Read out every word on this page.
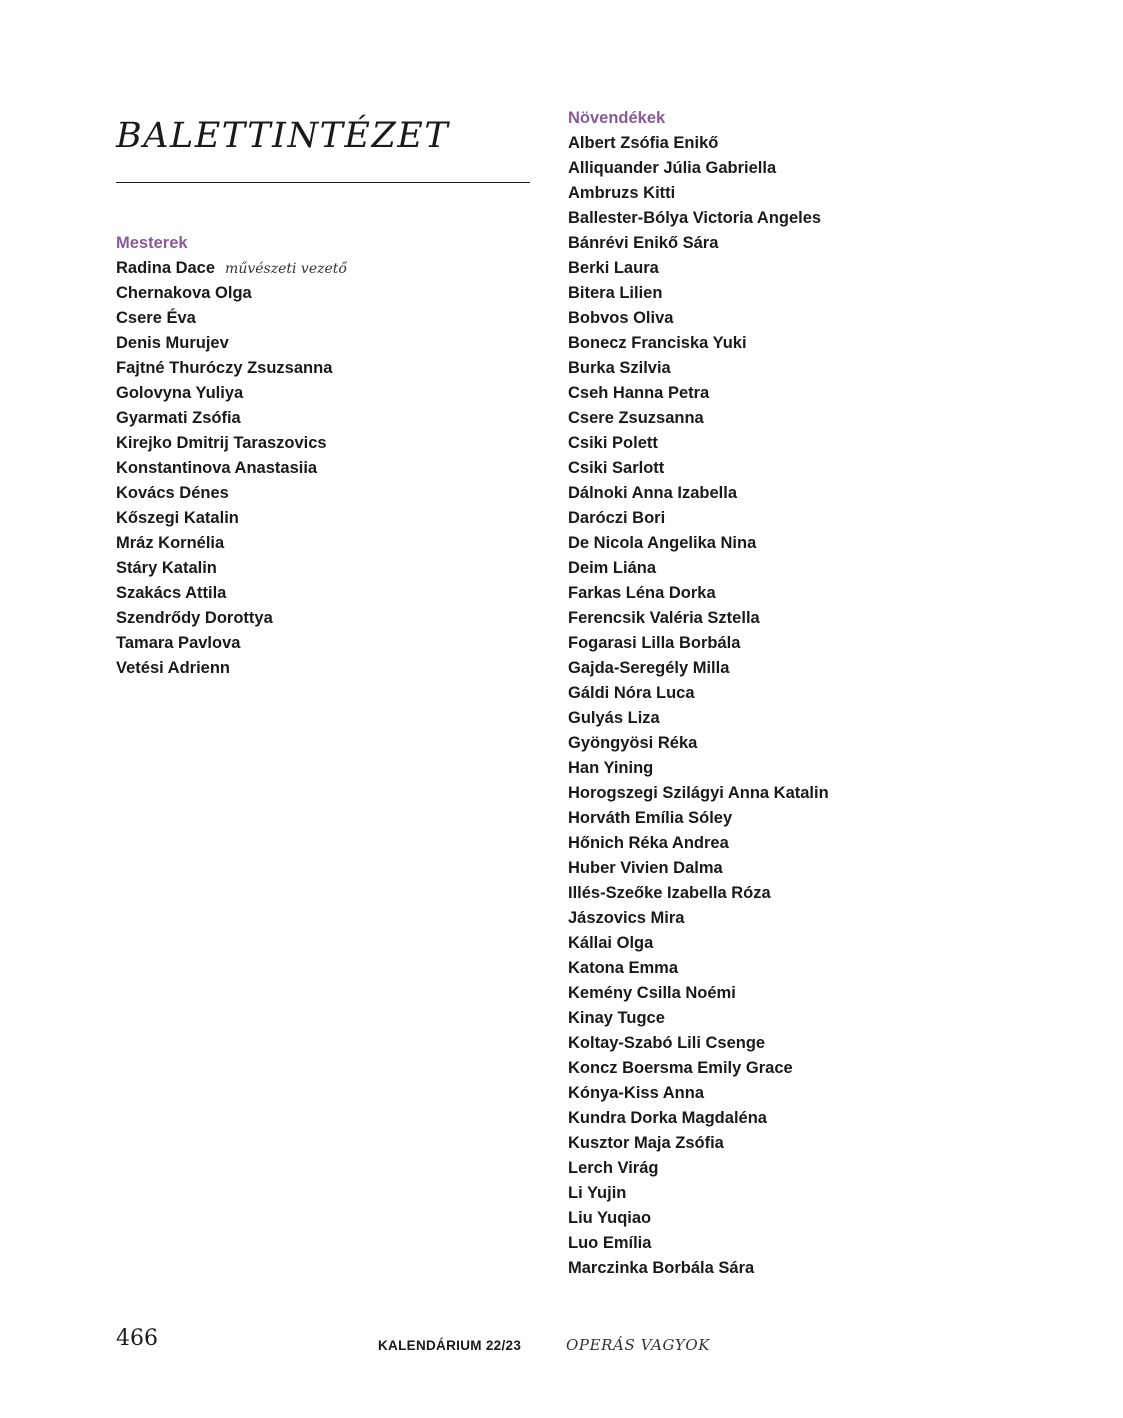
BALETTINTÉZET
Mesterek
Radina Dace művészeti vezető
Chernakova Olga
Csere Éva
Denis Murujev
Fajtné Thuróczy Zsuzsanna
Golovyna Yuliya
Gyarmati Zsófia
Kirejko Dmitrij Taraszovics
Konstantinova Anastasiia
Kovács Dénes
Kőszegi Katalin
Mráz Kornélia
Stáry Katalin
Szakács Attila
Szendrődy Dorottya
Tamara Pavlova
Vetési Adrienn
Növendékek
Albert Zsófia Enikő
Alliquander Júlia Gabriella
Ambruzs Kitti
Ballester-Bólya Victoria Angeles
Bánrévi Enikő Sára
Berki Laura
Bitera Lilien
Bobvos Oliva
Bonecz Franciska Yuki
Burka Szilvia
Cseh Hanna Petra
Csere Zsuzsanna
Csiki Polett
Csiki Sarlott
Dálnoki Anna Izabella
Daróczi Bori
De Nicola Angelika Nina
Deim Liána
Farkas Léna Dorka
Ferencsik Valéria Sztella
Fogarasi Lilla Borbála
Gajda-Seregély Milla
Gáldi Nóra Luca
Gulyás Liza
Gyöngyösi Réka
Han Yining
Horogszegi Szilágyi Anna Katalin
Horváth Emília Sóley
Hőnich Réka Andrea
Huber Vivien Dalma
Illés-Szeőke Izabella Róza
Jászovics Mira
Kállai Olga
Katona Emma
Kemény Csilla Noémi
Kinay Tugce
Koltay-Szabó Lili Csenge
Koncz Boersma Emily Grace
Kónya-Kiss Anna
Kundra Dorka Magdaléna
Kusztor Maja Zsófia
Lerch Virág
Li Yujin
Liu Yuqiao
Luo Emília
Marczinka Borbála Sára
466	KALENDÁRIUM 22/23	OPERÁS VAGYOK
